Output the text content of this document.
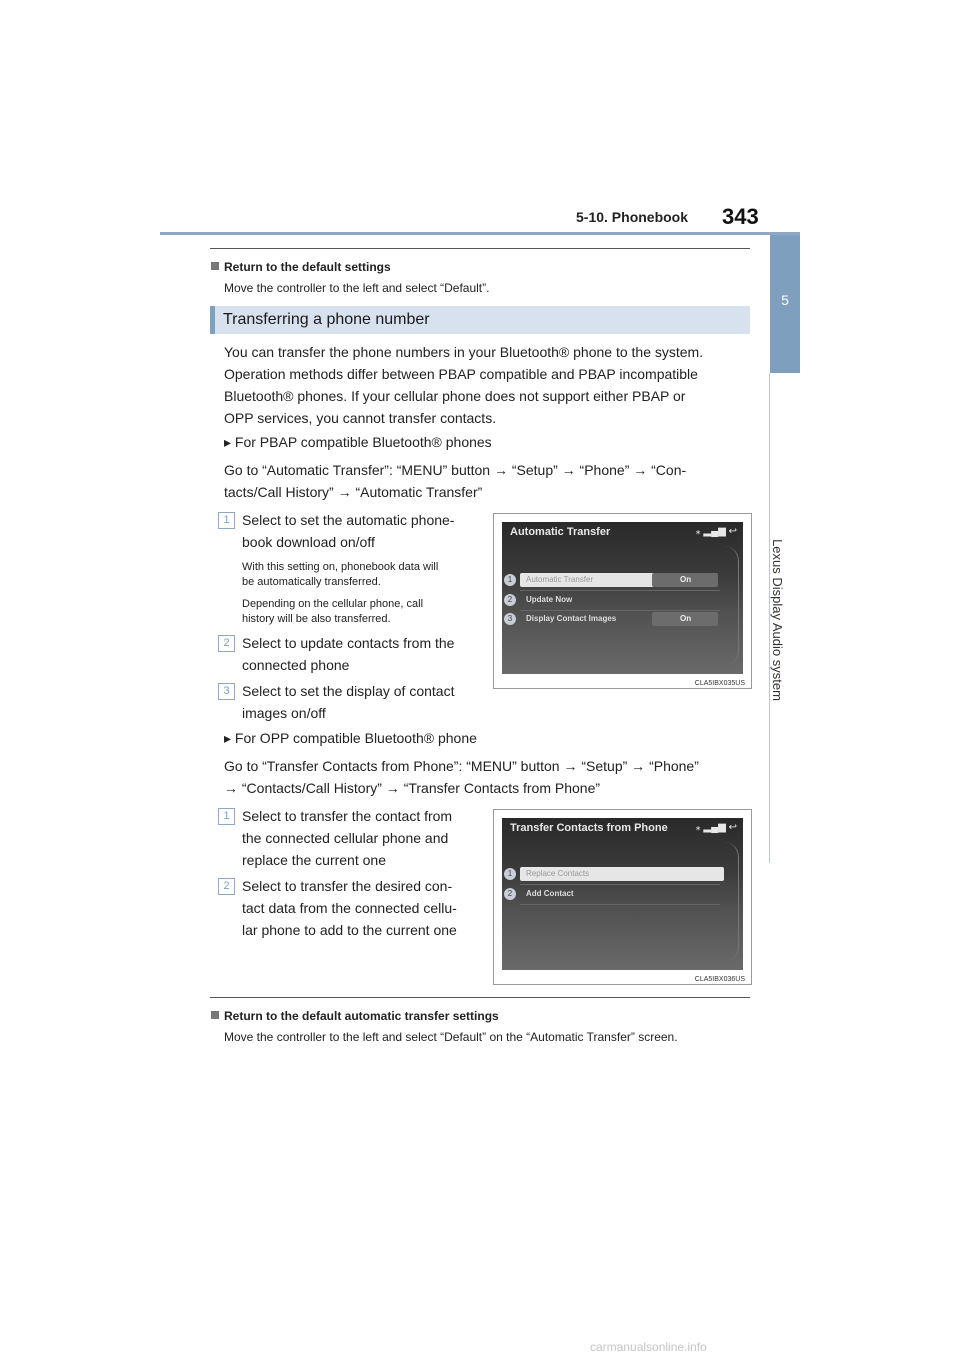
5-10. Phonebook 343
5
Lexus Display Audio system
Return to the default settings
Move the controller to the left and select “Default”.
Transferring a phone number
You can transfer the phone numbers in your Bluetooth® phone to the system.
Operation methods differ between PBAP compatible and PBAP incompatible
Bluetooth® phones. If your cellular phone does not support either PBAP or
OPP services, you cannot transfer contacts.
▸ For PBAP compatible Bluetooth® phones
Go to “Automatic Transfer”: “MENU” button → “Setup” → “Phone” → “Con-
tacts/Call History” → “Automatic Transfer”
1 Select to set the automatic phone-
book download on/off
With this setting on, phonebook data will
be automatically transferred.
Depending on the cellular phone, call
history will be also transferred.
2 Select to update contacts from the
connected phone
3 Select to set the display of contact
images on/off
Automatic Transfer	⁎ ▂▄▆ ↩
1	Automatic Transfer	On
2	Update Now
3	Display Contact Images	On
CLA5IBX035US
▸ For OPP compatible Bluetooth® phone
Go to “Transfer Contacts from Phone”: “MENU” button → “Setup” → “Phone”
→ “Contacts/Call History” → “Transfer Contacts from Phone”
1 Select to transfer the contact from
the connected cellular phone and
replace the current one
2 Select to transfer the desired con-
tact data from the connected cellu-
lar phone to add to the current one
Transfer Contacts from Phone	⁎ ▂▄▆ ↩
1	Replace Contacts
2	Add Contact
CLA5IBX036US
Return to the default automatic transfer settings
Move the controller to the left and select “Default” on the “Automatic Transfer” screen.
carmanualsonline.info
